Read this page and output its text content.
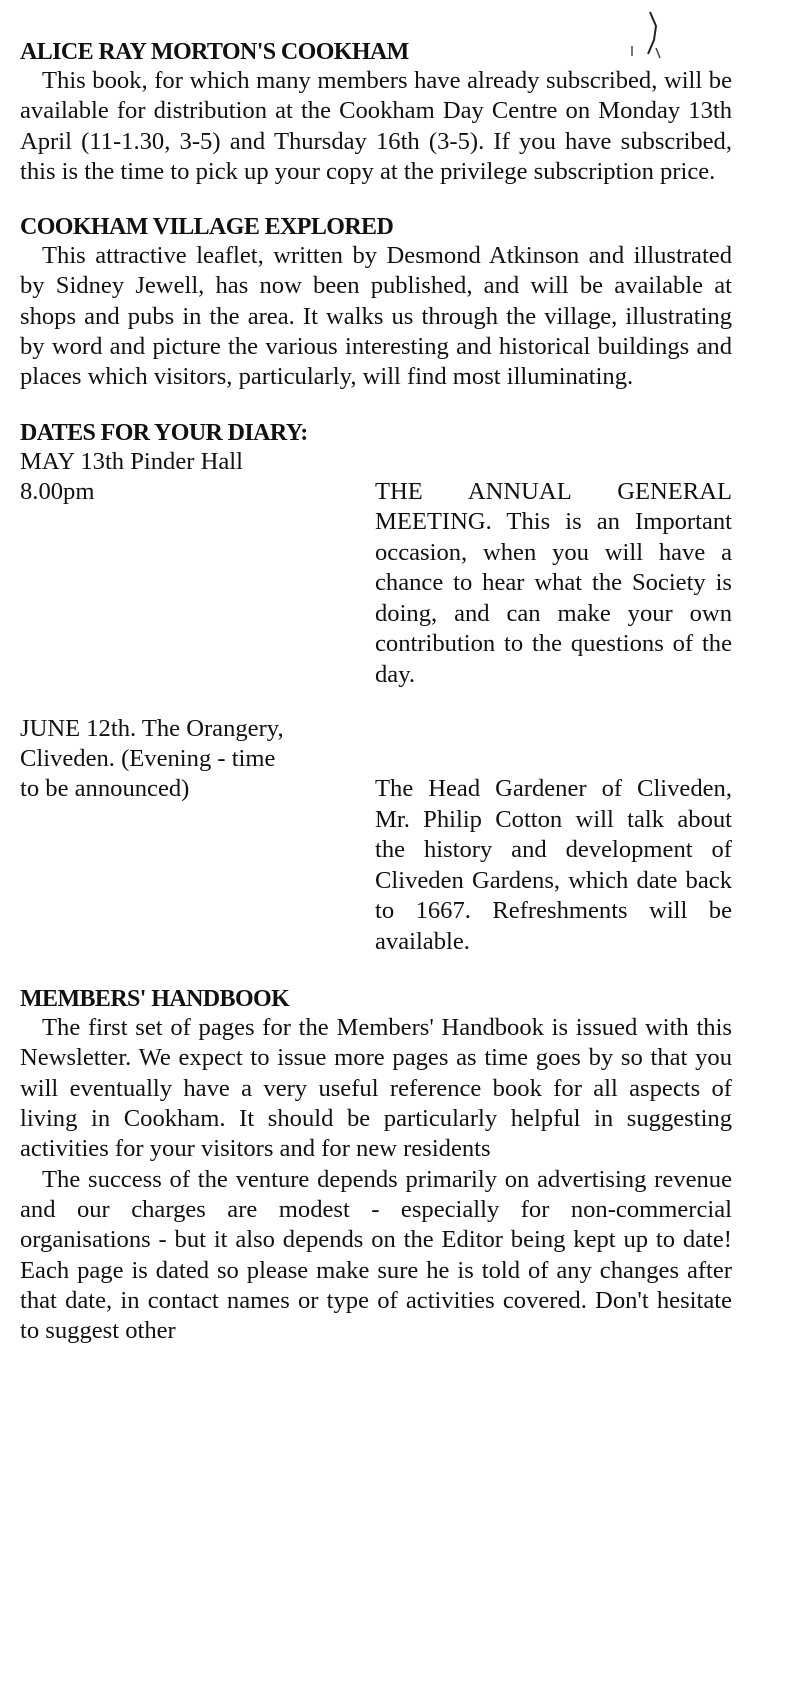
ALICE RAY MORTON'S COOKHAM

This book, for which many members have already subscribed, will be available for distribution at the Cookham Day Centre on Monday 13th April (11-1.30, 3-5) and Thursday 16th (3-5). If you have subscribed, this is the time to pick up your copy at the privilege subscription price.

COOKHAM VILLAGE EXPLORED

This attractive leaflet, written by Desmond Atkinson and illustrated by Sidney Jewell, has now been published, and will be available at shops and pubs in the area. It walks us through the village, illustrating by word and picture the various interesting and historical buildings and places which visitors, particularly, will find most illuminating.

DATES FOR YOUR DIARY:
MAY 13th Pinder Hall
8.00pm	THE ANNUAL GENERAL MEETING. This is an Important occasion, when you will have a chance to hear what the Society is doing, and can make your own contribution to the questions of the day.
JUNE 12th. The Orangery,
Cliveden. (Evening - time
to be announced)	The Head Gardener of Cliveden, Mr. Philip Cotton will talk about the history and development of Cliveden Gardens, which date back to 1667. Refreshments will be available.
MEMBERS' HANDBOOK

The first set of pages for the Members' Handbook is issued with this Newsletter. We expect to issue more pages as time goes by so that you will eventually have a very useful reference book for all aspects of living in Cookham. It should be particularly helpful in suggesting activities for your visitors and for new residents

The success of the venture depends primarily on advertising revenue and our charges are modest - especially for non-commercial organisations - but it also depends on the Editor being kept up to date! Each page is dated so please make sure he is told of any changes after that date, in contact names or type of activities covered. Don't hesitate to suggest other
